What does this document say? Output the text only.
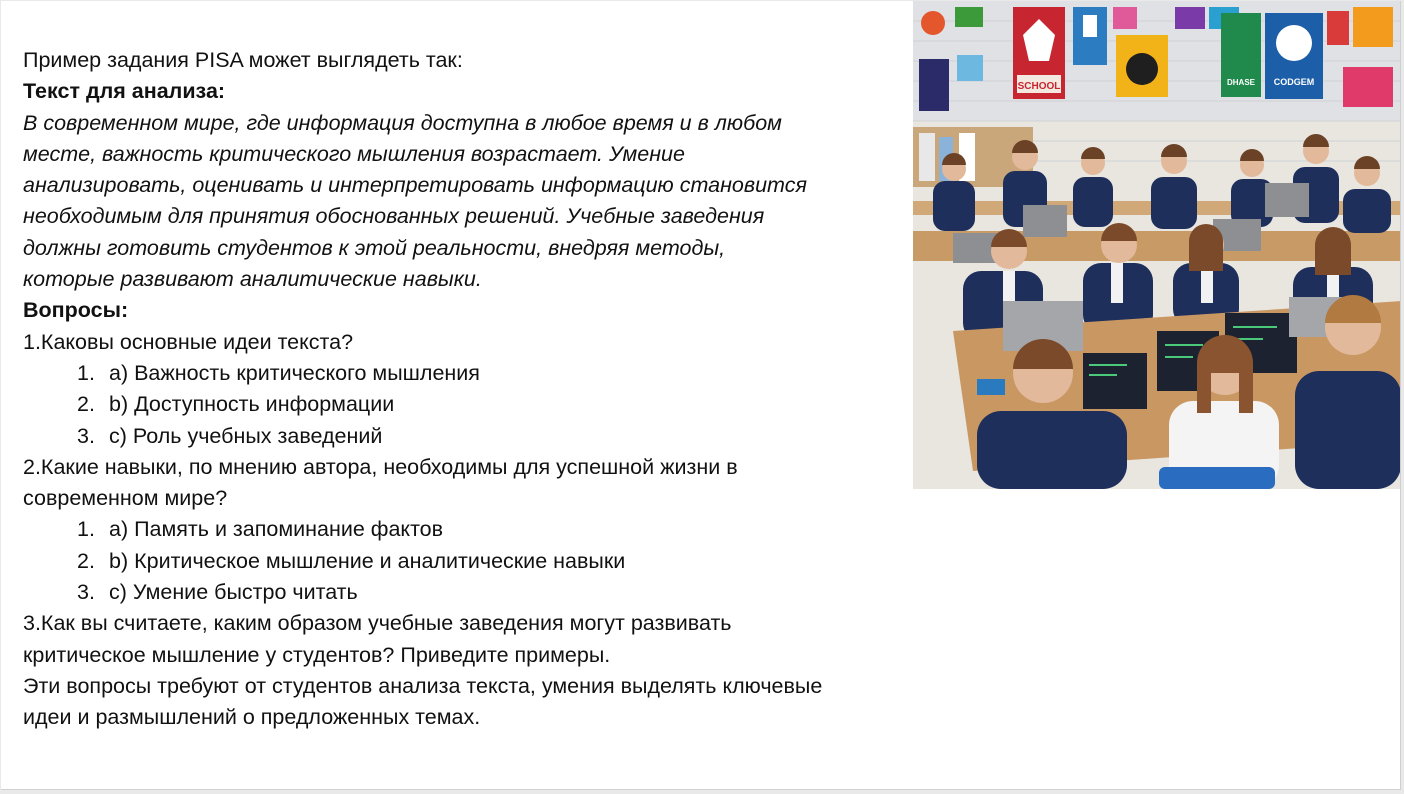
Пример задания PISA может выглядеть так:
Текст для анализа:
В современном мире, где информация доступна в любое время и в любом
месте, важность критического мышления возрастает. Умение
анализировать, оценивать и интерпретировать информацию становится
необходимым для принятия обоснованных решений. Учебные заведения
должны готовить студентов к этой реальности, внедряя методы,
которые развивают аналитические навыки.
Вопросы:
1.Каковы основные идеи текста?
1. a) Важность критического мышления
2. b) Доступность информации
3. c) Роль учебных заведений
2.Какие навыки, по мнению автора, необходимы для успешной жизни в
современном мире?
1. a) Память и запоминание фактов
2. b) Критическое мышление и аналитические навыки
3. c) Умение быстро читать
3.Как вы считаете, каким образом учебные заведения могут развивать
критическое мышление у студентов? Приведите примеры.
Эти вопросы требуют от студентов анализа текста, умения выделять ключевые
идеи и размышлений о предложенных темах.
SCHOOL	DHASE CODGEM
